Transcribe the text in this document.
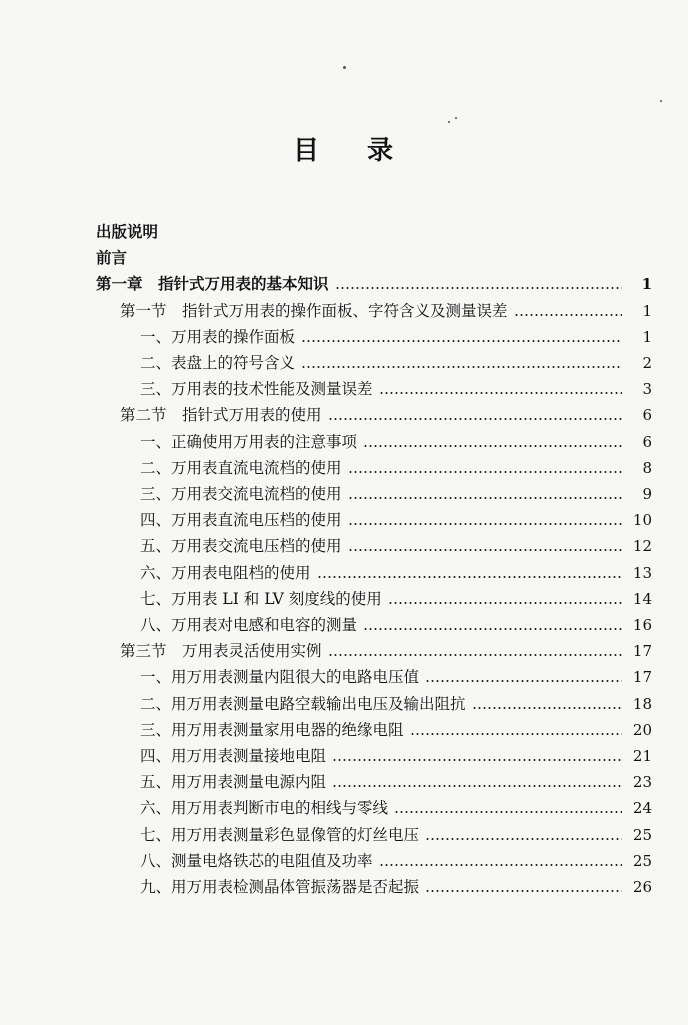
目 录
出版说明
前言
第一章　指针式万用表的基本知识	1
第一节　指针式万用表的操作面板、字符含义及测量误差	1
一、万用表的操作面板	1
二、表盘上的符号含义	2
三、万用表的技术性能及测量误差	3
第二节　指针式万用表的使用	6
一、正确使用万用表的注意事项	6
二、万用表直流电流档的使用	8
三、万用表交流电流档的使用	9
四、万用表直流电压档的使用	10
五、万用表交流电压档的使用	12
六、万用表电阻档的使用	13
七、万用表 LI 和 LV 刻度线的使用	14
八、万用表对电感和电容的测量	16
第三节　万用表灵活使用实例	17
一、用万用表测量内阻很大的电路电压值	17
二、用万用表测量电路空载输出电压及输出阻抗	18
三、用万用表测量家用电器的绝缘电阻	20
四、用万用表测量接地电阻	21
五、用万用表测量电源内阻	23
六、用万用表判断市电的相线与零线	24
七、用万用表测量彩色显像管的灯丝电压	25
八、测量电烙铁芯的电阻值及功率	25
九、用万用表检测晶体管振荡器是否起振	26
